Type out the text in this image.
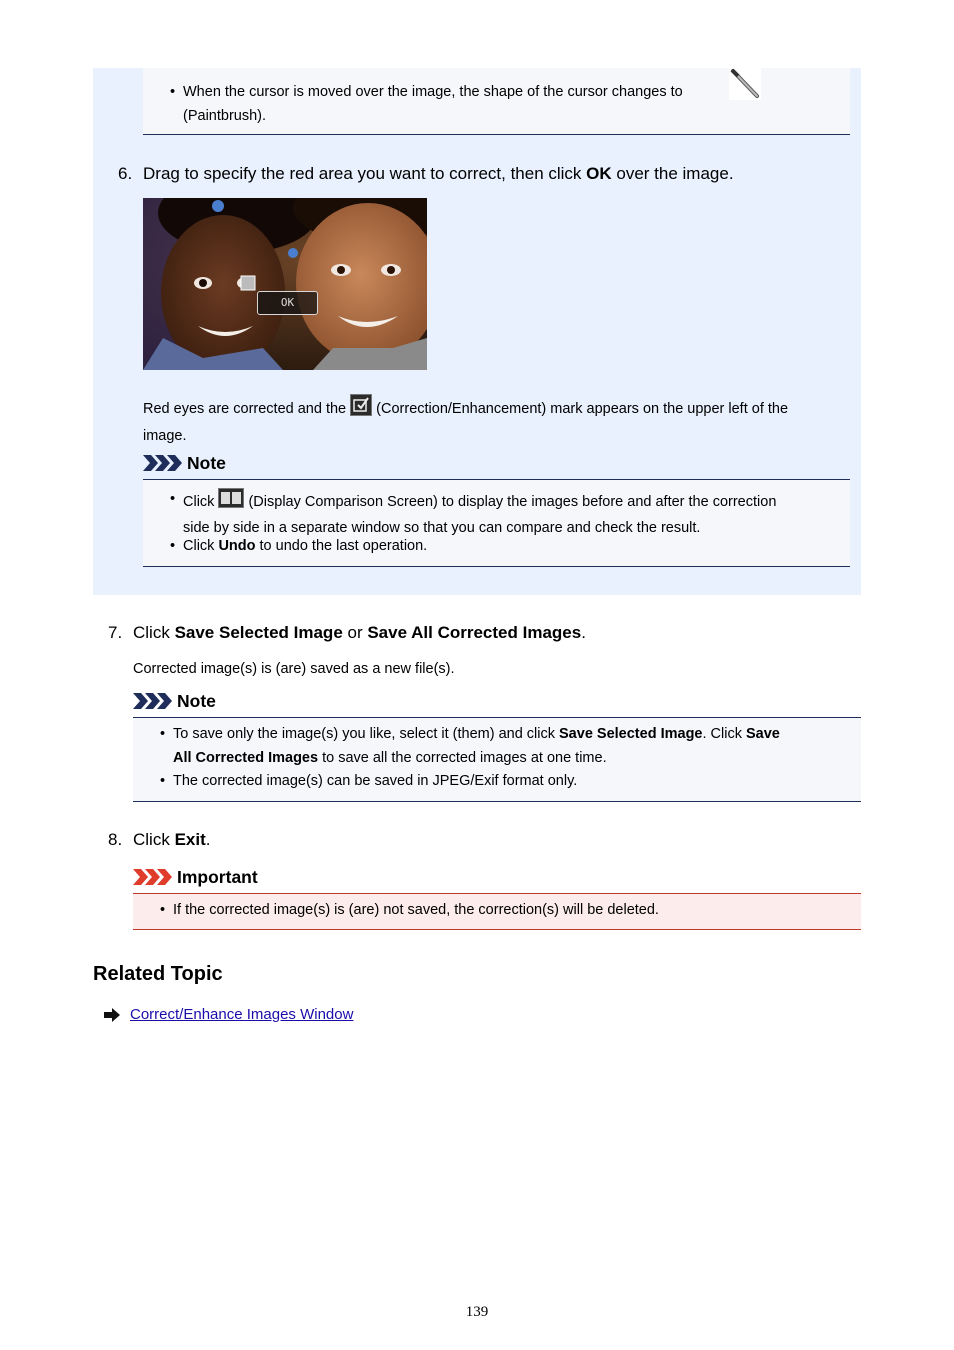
• When the cursor is moved over the image, the shape of the cursor changes to

(Paintbrush).
6. Drag to specify the red area you want to correct, then click OK over the image.
OK
Red eyes are corrected and the  (Correction/Enhancement) mark appears on the upper left of the
image.
Note
• Click  (Display Comparison Screen) to display the images before and after the correction
side by side in a separate window so that you can compare and check the result.
• Click Undo to undo the last operation.
7. Click Save Selected Image or Save All Corrected Images.
Corrected image(s) is (are) saved as a new file(s).
Note
• To save only the image(s) you like, select it (them) and click Save Selected Image. Click Save
All Corrected Images to save all the corrected images at one time.
• The corrected image(s) can be saved in JPEG/Exif format only.
8. Click Exit.
Important
• If the corrected image(s) is (are) not saved, the correction(s) will be deleted.
Related Topic
Correct/Enhance Images Window
139
